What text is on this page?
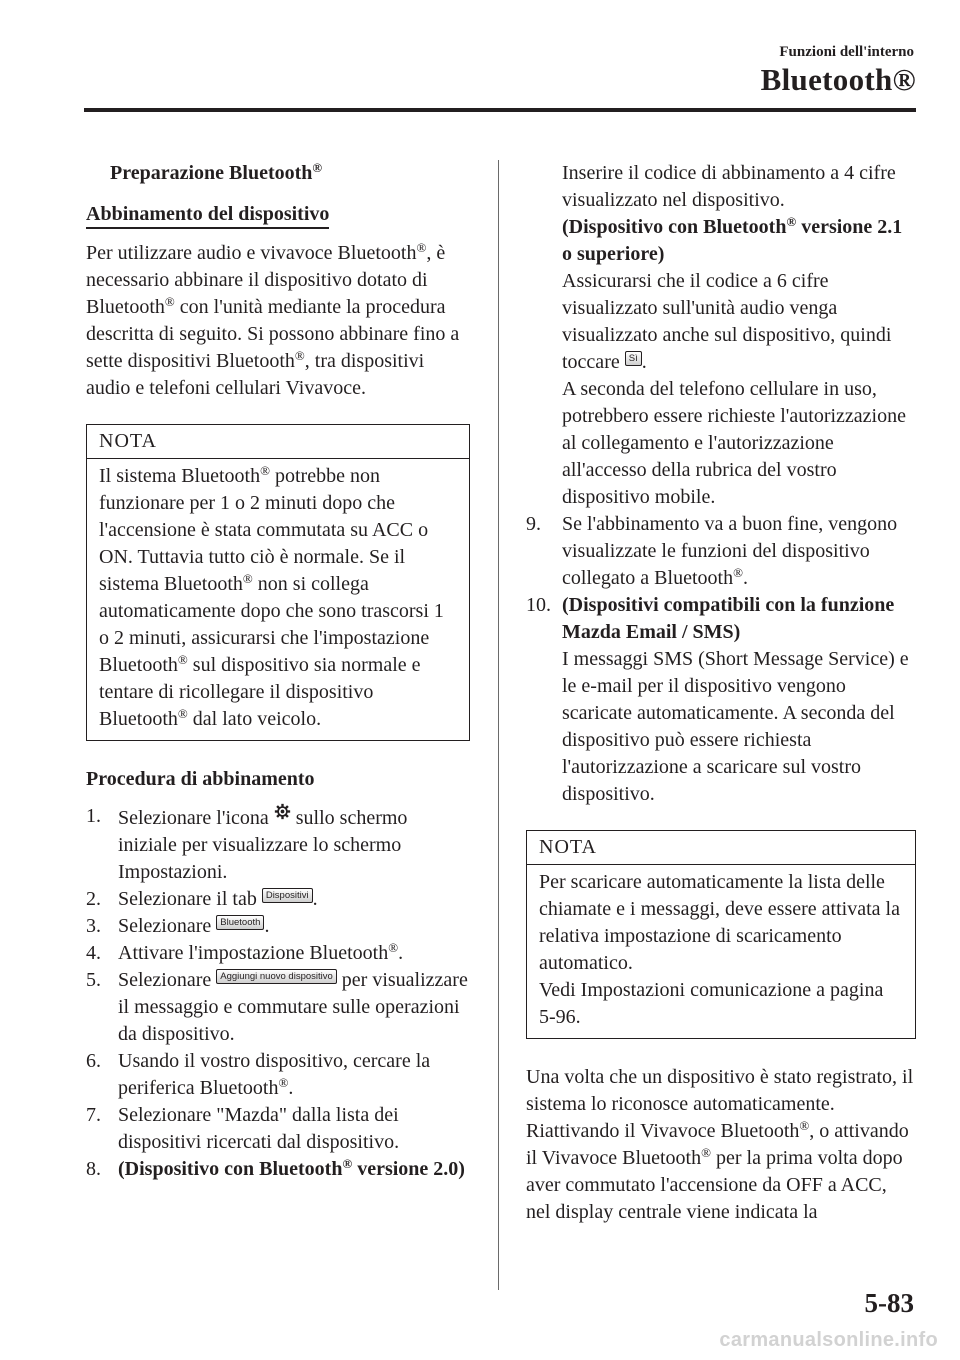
Funzioni dell'interno
Bluetooth®
Preparazione Bluetooth®
Abbinamento del dispositivo

Per utilizzare audio e vivavoce Bluetooth®, è necessario abbinare il dispositivo dotato di Bluetooth® con l'unità mediante la procedura descritta di seguito. Si possono abbinare fino a sette dispositivi Bluetooth®, tra dispositivi audio e telefoni cellulari Vivavoce.

NOTA
Il sistema Bluetooth® potrebbe non funzionare per 1 o 2 minuti dopo che l'accensione è stata commutata su ACC o ON. Tuttavia tutto ciò è normale. Se il sistema Bluetooth® non si collega automaticamente dopo che sono trascorsi 1 o 2 minuti, assicurarsi che l'impostazione Bluetooth® sul dispositivo sia normale e tentare di ricollegare il dispositivo Bluetooth® dal lato veicolo.
Procedura di abbinamento
1. Selezionare l'icona  sullo schermo iniziale per visualizzare lo schermo Impostazioni.
2. Selezionare il tab Dispositivi .
3. Selezionare Bluetooth .
4. Attivare l'impostazione Bluetooth®.
5. Selezionare Aggiungi nuovo dispositivo per visualizzare il messaggio e commutare sulle operazioni da dispositivo.
6. Usando il vostro dispositivo, cercare la periferica Bluetooth®.
7. Selezionare "Mazda" dalla lista dei dispositivi ricercati dal dispositivo.
8. (Dispositivo con Bluetooth® versione 2.0)

Inserire il codice di abbinamento a 4 cifre visualizzato nel dispositivo.

(Dispositivo con Bluetooth® versione 2.1 o superiore)

Assicurarsi che il codice a 6 cifre visualizzato sull'unità audio venga visualizzato anche sul dispositivo, quindi toccare Sì .

A seconda del telefono cellulare in uso, potrebbero essere richieste l'autorizzazione al collegamento e l'autorizzazione all'accesso della rubrica del vostro dispositivo mobile.

9. Se l'abbinamento va a buon fine, vengono visualizzate le funzioni del dispositivo collegato a Bluetooth®.
10. (Dispositivi compatibili con la funzione Mazda Email / SMS)
I messaggi SMS (Short Message Service) e le e-mail per il dispositivo vengono scaricate automaticamente. A seconda del dispositivo può essere richiesta l'autorizzazione a scaricare sul vostro dispositivo.
NOTA
Per scaricare automaticamente la lista delle chiamate e i messaggi, deve essere attivata la relativa impostazione di scaricamento automatico.
Vedi Impostazioni comunicazione a pagina 5-96.

Una volta che un dispositivo è stato registrato, il sistema lo riconosce automaticamente. Riattivando il Vivavoce Bluetooth®, o attivando il Vivavoce Bluetooth® per la prima volta dopo aver commutato l'accensione da OFF a ACC, nel display centrale viene indicata la

5-83
carmanualsonline.info
